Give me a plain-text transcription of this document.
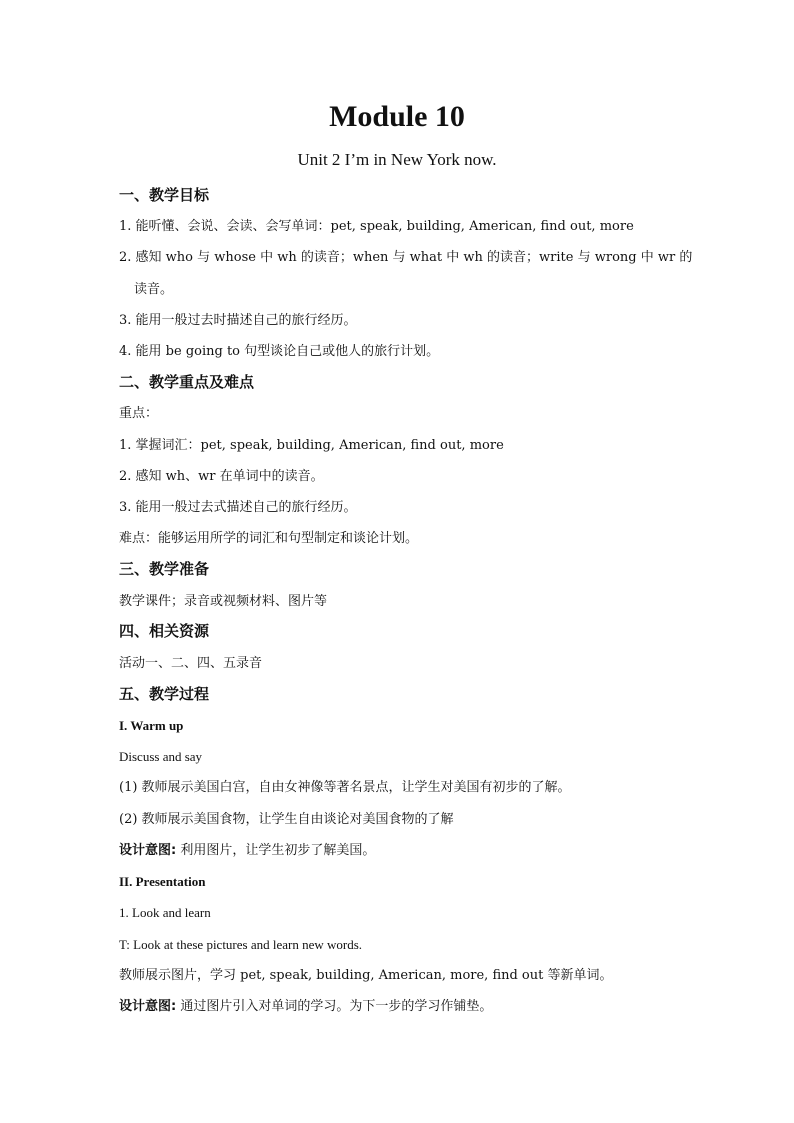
Module 10
Unit 2 I’m in New York now.
一、教学目标
1. 能听懂、会说、会读、会写单词：pet, speak, building, American, find out, more
2. 感知 who 与 whose 中 wh 的读音；when 与 what 中 wh 的读音；write 与 wrong 中 wr 的
读音。
3. 能用一般过去时描述自己的旅行经历。
4. 能用 be going to 句型谈论自己或他人的旅行计划。
二、教学重点及难点
重点：
1. 掌握词汇：pet, speak, building, American, find out, more
2. 感知 wh、wr 在单词中的读音。
3. 能用一般过去式描述自己的旅行经历。
难点：能够运用所学的词汇和句型制定和谈论计划。
三、教学准备
教学课件；录音或视频材料、图片等
四、相关资源
活动一、二、四、五录音
五、教学过程
I. Warm up
Discuss and say
(1) 教师展示美国白宫，自由女神像等著名景点，让学生对美国有初步的了解。
(2) 教师展示美国食物，让学生自由谈论对美国食物的了解
设计意图: 利用图片，让学生初步了解美国。
II. Presentation
1. Look and learn
T: Look at these pictures and learn new words.
教师展示图片，学习 pet, speak, building, American, more, find out 等新单词。
设计意图: 通过图片引入对单词的学习。为下一步的学习作铺垫。
